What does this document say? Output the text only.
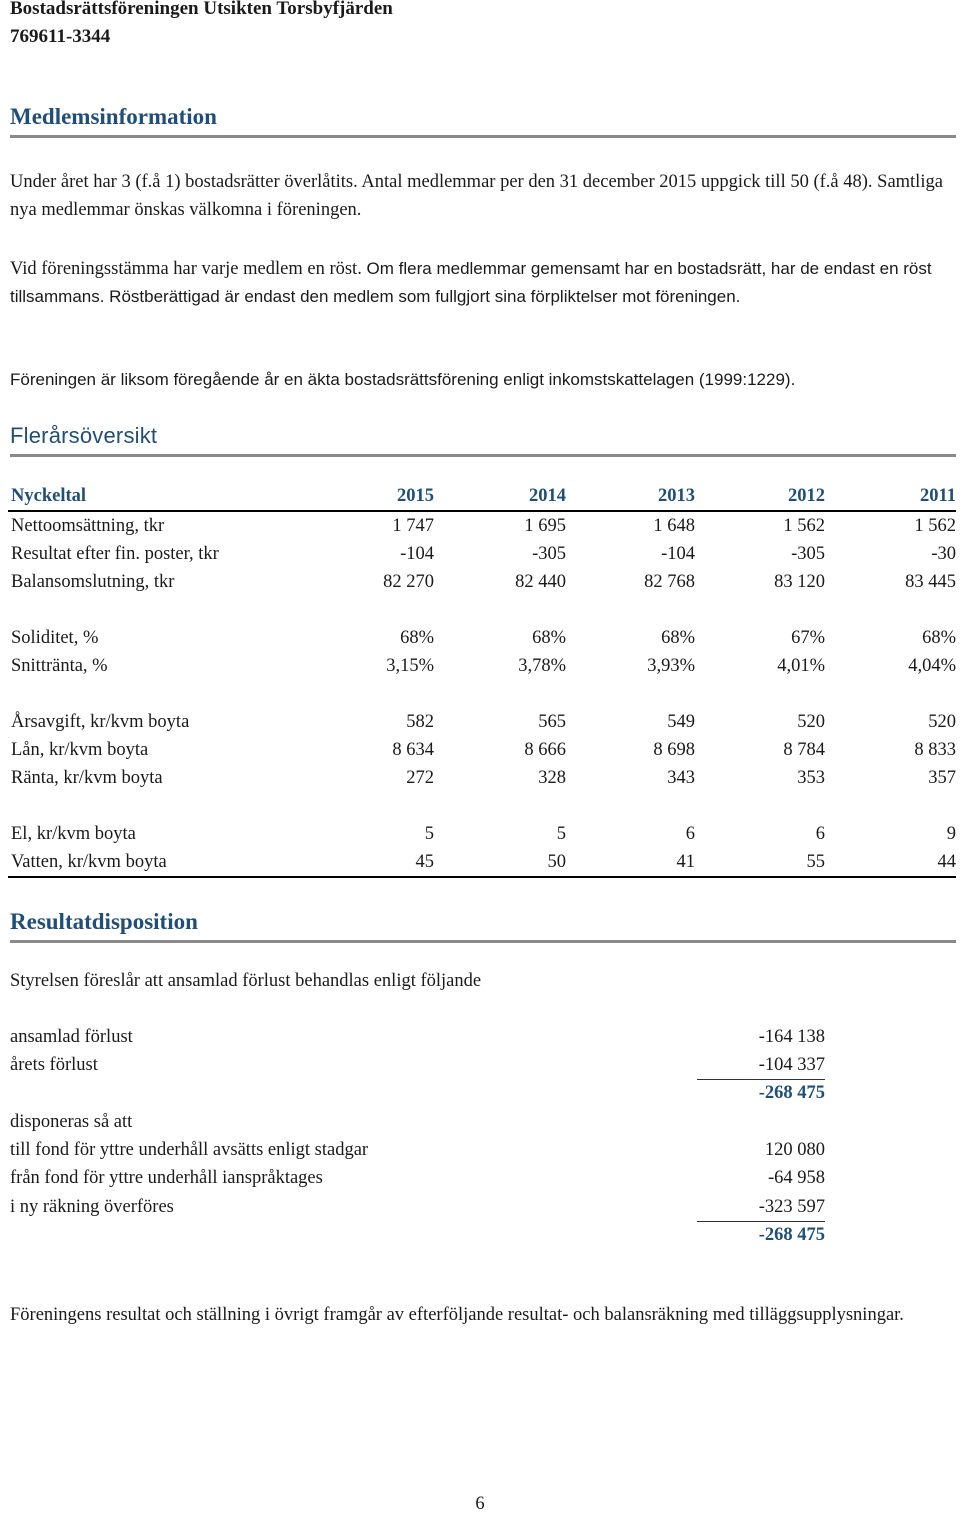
Bostadsrättsföreningen Utsikten Torsbyfjärden
769611-3344
Medlemsinformation
Under året har 3 (f.å 1) bostadsrätter överlåtits. Antal medlemmar per den 31 december 2015 uppgick till 50 (f.å 48). Samtliga nya medlemmar önskas välkomna i föreningen.
Vid föreningsstämma har varje medlem en röst. Om flera medlemmar gemensamt har en bostadsrätt, har de endast en röst tillsammans. Röstberättigad är endast den medlem som fullgjort sina förpliktelser mot föreningen.
Föreningen är liksom föregående år en äkta bostadsrättsförening enligt inkomstskattelagen (1999:1229).
Flerårsöversikt
Nyckeltal	2015	2014	2013	2012	2011
Nettoomsättning, tkr	1 747	1 695	1 648	1 562	1 562
Resultat efter fin. poster, tkr	-104	-305	-104	-305	-30
Balansomslutning, tkr	82 270	82 440	82 768	83 120	83 445

Soliditet, %	68%	68%	68%	67%	68%
Snittränta, %	3,15%	3,78%	3,93%	4,01%	4,04%

Årsavgift, kr/kvm boyta	582	565	549	520	520
Lån, kr/kvm boyta	8 634	8 666	8 698	8 784	8 833
Ränta, kr/kvm boyta	272	328	343	353	357

El, kr/kvm boyta	5	5	6	6	9
Vatten, kr/kvm boyta	45	50	41	55	44
Resultatdisposition
Styrelsen föreslår att ansamlad förlust behandlas enligt följande
ansamlad förlust	-164 138
årets förlust	-104 337
-268 475
disponeras så att
till fond för yttre underhåll avsätts enligt stadgar	120 080
från fond för yttre underhåll ianspråktages	-64 958
i ny räkning överföres	-323 597
-268 475
Föreningens resultat och ställning i övrigt framgår av efterföljande resultat- och balansräkning med tilläggsupplysningar.
6
